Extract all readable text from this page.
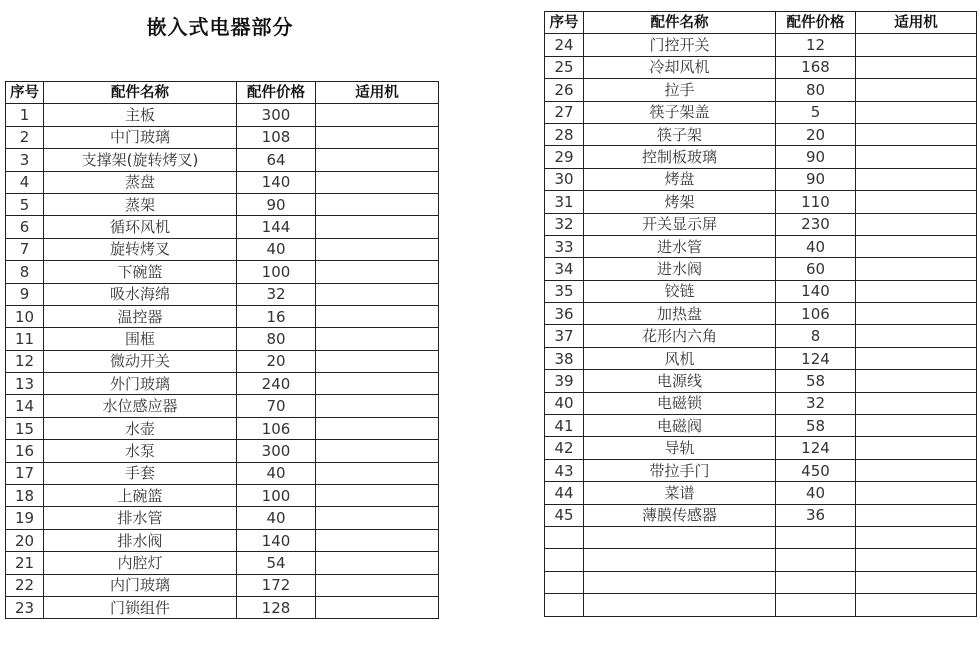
嵌入式电器部分
序号	配件名称	配件价格	适用机
1	主板	300	
2	中门玻璃	108	
3	支撑架(旋转烤叉)	64	
4	蒸盘	140	
5	蒸架	90	
6	循环风机	144	
7	旋转烤叉	40	
8	下碗篮	100	
9	吸水海绵	32	
10	温控器	16	
11	围框	80	
12	微动开关	20	
13	外门玻璃	240	
14	水位感应器	70	
15	水壶	106	
16	水泵	300	
17	手套	40	
18	上碗篮	100	
19	排水管	40	
20	排水阀	140	
21	内腔灯	54	
22	内门玻璃	172	
23	门锁组件	128	
序号	配件名称	配件价格	适用机
24	门控开关	12	
25	冷却风机	168	
26	拉手	80	
27	筷子架盖	5	
28	筷子架	20	
29	控制板玻璃	90	
30	烤盘	90	
31	烤架	110	
32	开关显示屏	230	
33	进水管	40	
34	进水阀	60	
35	铰链	140	
36	加热盘	106	
37	花形内六角	8	
38	风机	124	
39	电源线	58	
40	电磁锁	32	
41	电磁阀	58	
42	导轨	124	
43	带拉手门	450	
44	菜谱	40	
45	薄膜传感器	36	
